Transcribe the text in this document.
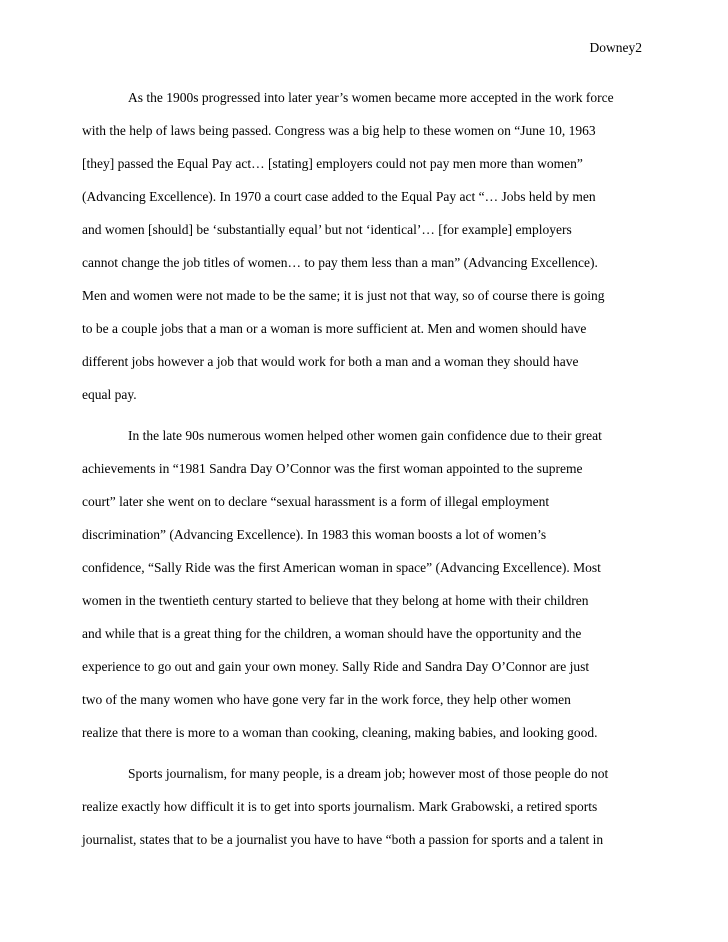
Downey2
As the 1900s progressed into later year’s women became more accepted in the work force
with the help of laws being passed. Congress was a big help to these women on “June 10, 1963
[they] passed the Equal Pay act… [stating] employers could not pay men more than women”
(Advancing Excellence). In 1970 a court case added to the Equal Pay act “… Jobs held by men
and women [should] be ‘substantially equal’ but not ‘identical’… [for example] employers
cannot change the job titles of women… to pay them less than a man” (Advancing Excellence).
Men and women were not made to be the same; it is just not that way, so of course there is going
to be a couple jobs that a man or a woman is more sufficient at. Men and women should have
different jobs however a job that would work for both a man and a woman they should have
equal pay.
In the late 90s numerous women helped other women gain confidence due to their great
achievements in “1981 Sandra Day O’Connor was the first woman appointed to the supreme
court” later she went on to declare “sexual harassment is a form of illegal employment
discrimination” (Advancing Excellence). In 1983 this woman boosts a lot of women’s
confidence, “Sally Ride was the first American woman in space” (Advancing Excellence). Most
women in the twentieth century started to believe that they belong at home with their children
and while that is a great thing for the children, a woman should have the opportunity and the
experience to go out and gain your own money. Sally Ride and Sandra Day O’Connor are just
two of the many women who have gone very far in the work force, they help other women
realize that there is more to a woman than cooking, cleaning, making babies, and looking good.
Sports journalism, for many people, is a dream job; however most of those people do not
realize exactly how difficult it is to get into sports journalism. Mark Grabowski, a retired sports
journalist, states that to be a journalist you have to have “both a passion for sports and a talent in
